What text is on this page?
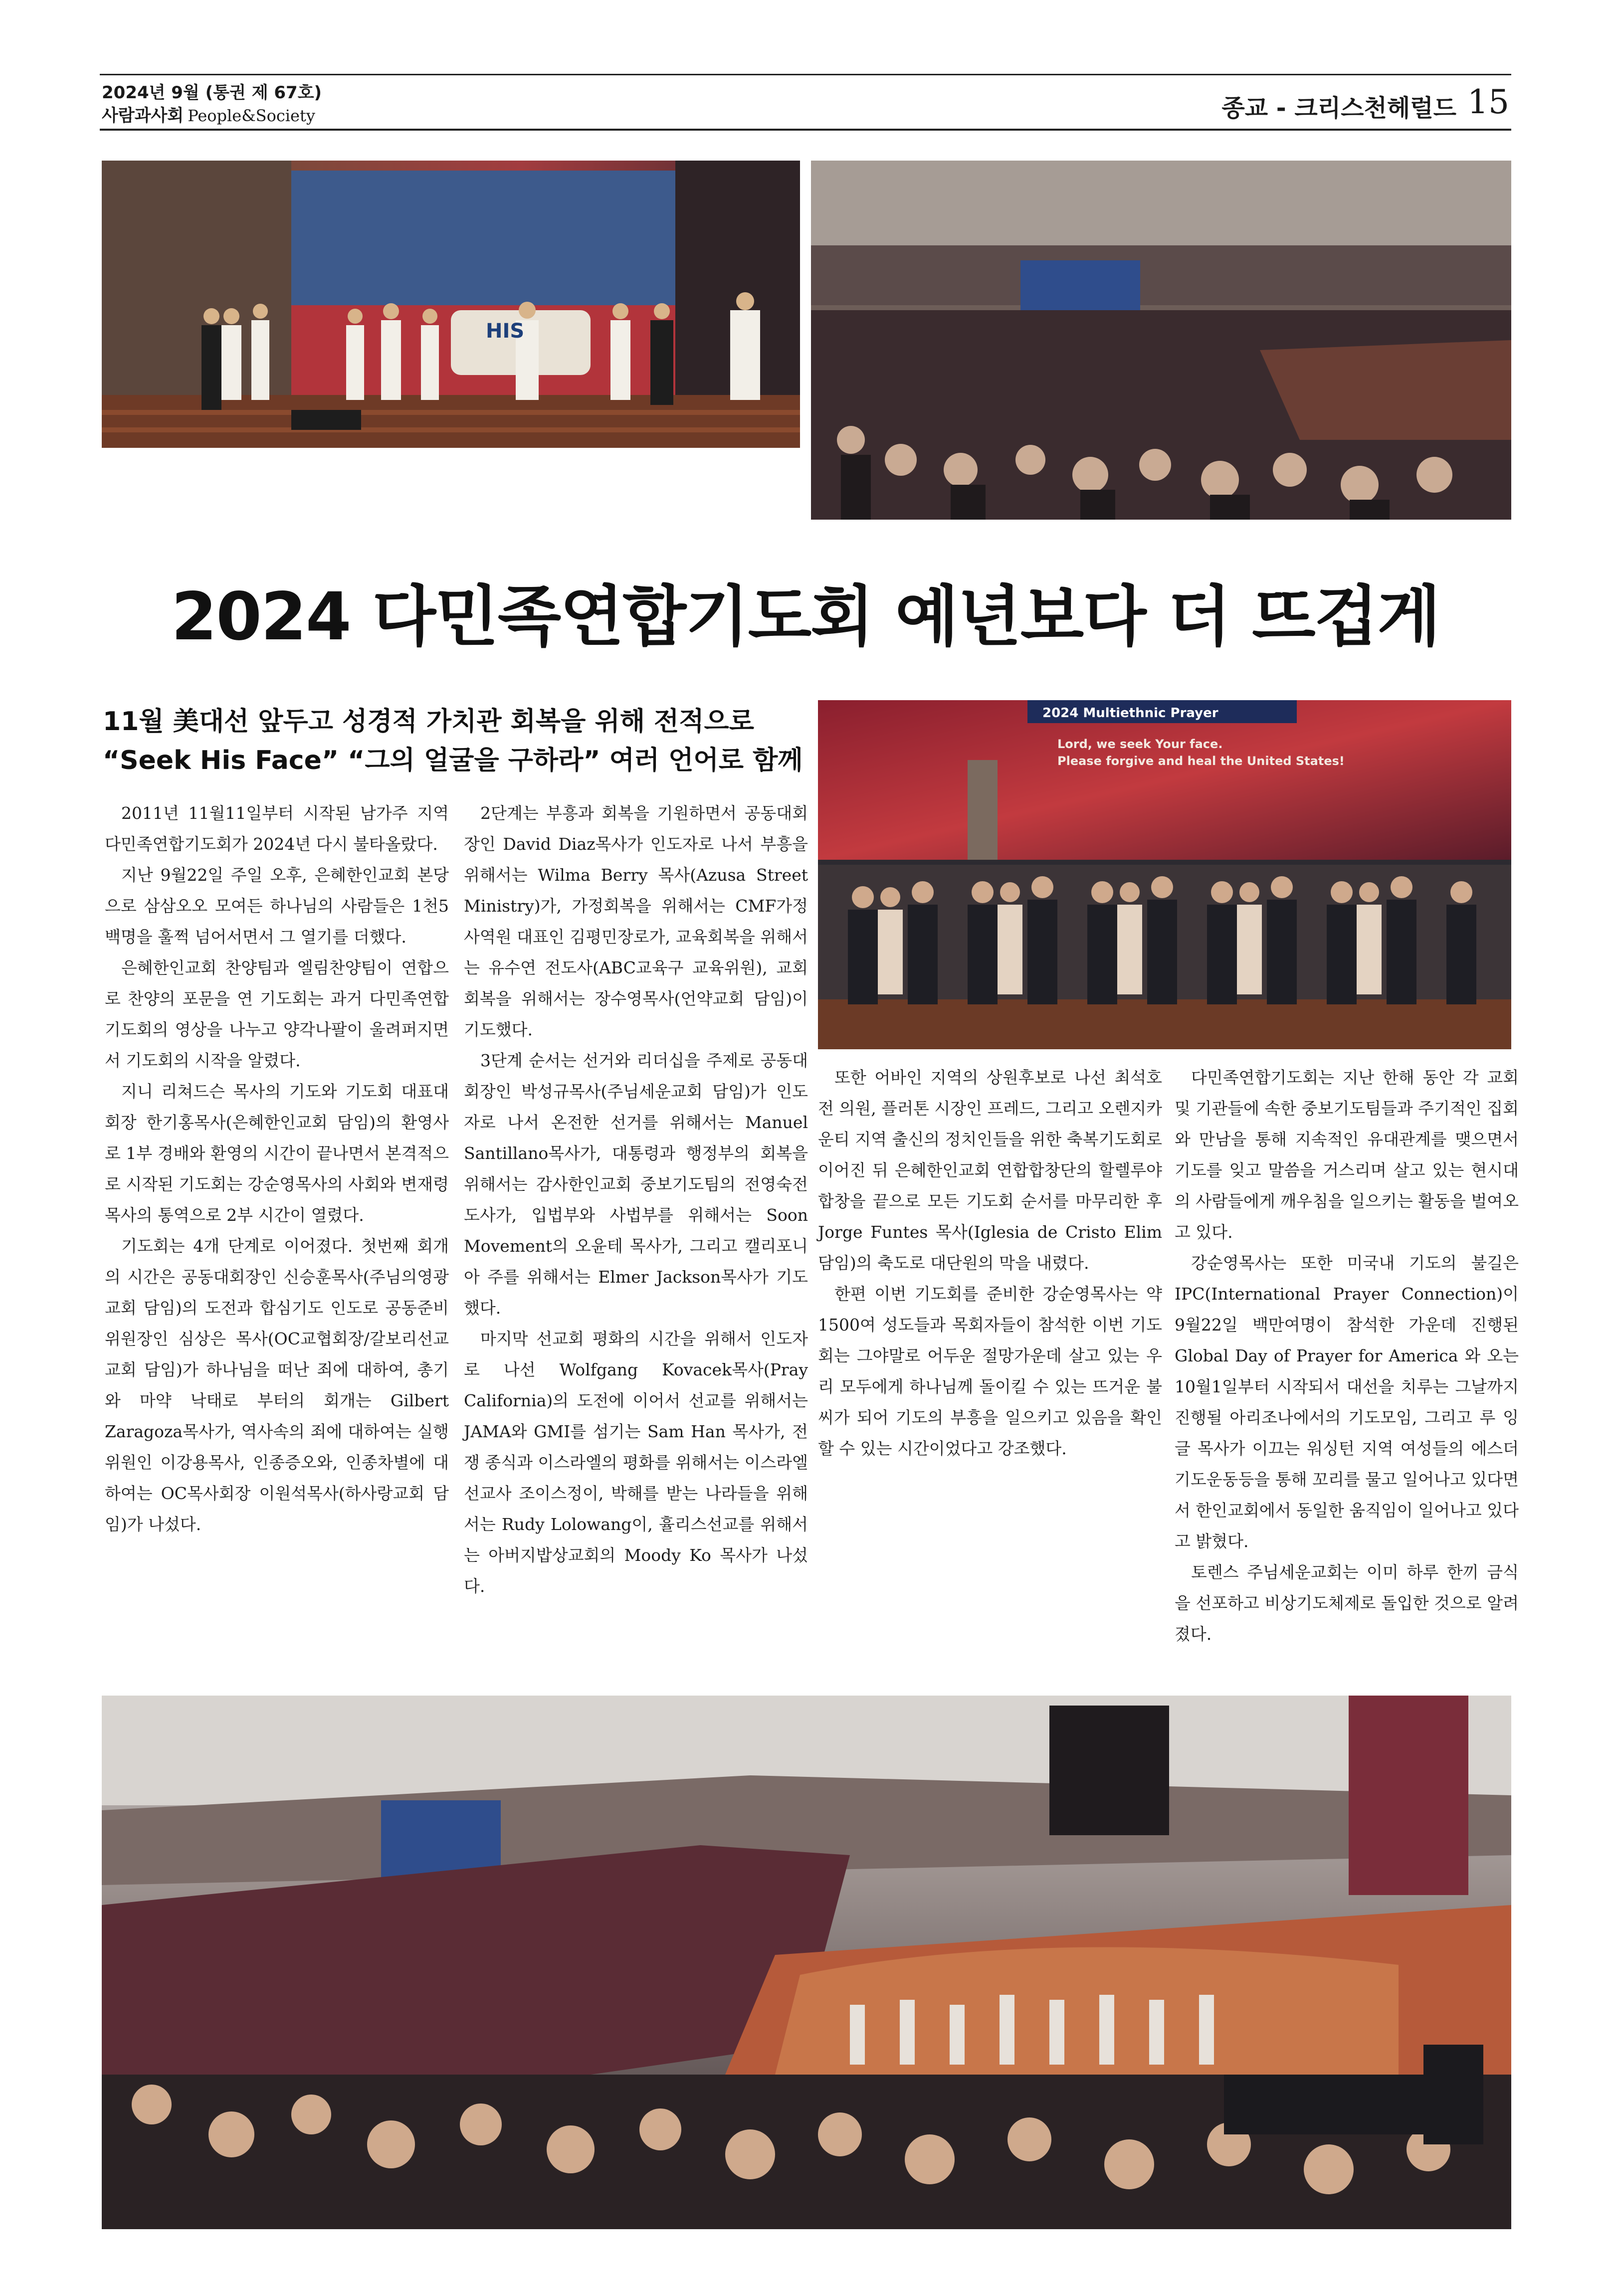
2024년 9월 (통권 제 67호)
사람과사회 People&Society	종교 - 크리스천헤럴드 15
HIS
2024 다민족연합기도회 예년보다 더 뜨겁게
11월 美대선 앞두고 성경적 가치관 회복을 위해 전적으로
“Seek His Face” “그의 얼굴을 구하라” 여러 언어로 함께
2024 Multiethnic Prayer
Lord, we seek Your face.
Please forgive and heal the United States!

2011년 11월11일부터 시작된 남가주 지역 다민족연합기도회가 2024년 다시 불타올랐다.

지난 9월22일 주일 오후, 은혜한인교회 본당으로 삼삼오오 모여든 하나님의 사람들은 1천5백명을 훌쩍 넘어서면서 그 열기를 더했다.

은혜한인교회 찬양팀과 엘림찬양팀이 연합으로 찬양의 포문을 연 기도회는 과거 다민족연합 기도회의 영상을 나누고 양각나팔이 울려퍼지면서 기도회의 시작을 알렸다.

지니 리쳐드슨 목사의 기도와 기도회 대표대회장 한기홍목사(은혜한인교회 담임)의 환영사로 1부 경배와 환영의 시간이 끝나면서 본격적으로 시작된 기도회는 강순영목사의 사회와 변재령목사의 통역으로 2부 시간이 열렸다.

기도회는 4개 단계로 이어졌다. 첫번째 회개의 시간은 공동대회장인 신승훈목사(주님의영광교회 담임)의 도전과 합심기도 인도로 공동준비위원장인 심상은 목사(OC교협회장/갈보리선교교회 담임)가 하나님을 떠난 죄에 대하여, 총기와 마약 낙태로 부터의 회개는 Gilbert Zaragoza목사가, 역사속의 죄에 대하여는 실행위원인 이강용목사, 인종증오와, 인종차별에 대하여는 OC목사회장 이원석목사(하사랑교회 담임)가 나섰다.

2단계는 부흥과 회복을 기원하면서 공동대회장인 David Diaz목사가 인도자로 나서 부흥을 위해서는 Wilma Berry 목사(Azusa Street Ministry)가, 가정회복을 위해서는 CMF가정사역원 대표인 김평민장로가, 교육회복을 위해서는 유수연 전도사(ABC교육구 교육위원), 교회회복을 위해서는 장수영목사(언약교회 담임)이 기도했다.

3단계 순서는 선거와 리더십을 주제로 공동대회장인 박성규목사(주님세운교회 담임)가 인도자로 나서 온전한 선거를 위해서는 Manuel Santillano목사가, 대통령과 행정부의 회복을 위해서는 감사한인교회 중보기도팀의 전영숙전도사가, 입법부와 사법부를 위해서는 Soon Movement의 오윤테 목사가, 그리고 캘리포니아 주를 위해서는 Elmer Jackson목사가 기도했다.

마지막 선교회 평화의 시간을 위해서 인도자로 나선 Wolfgang Kovacek목사(Pray California)의 도전에 이어서 선교를 위해서는 JAMA와 GMI를 섬기는 Sam Han 목사가, 전쟁 종식과 이스라엘의 평화를 위해서는 이스라엘 선교사 조이스정이, 박해를 받는 나라들을 위해서는 Rudy Lolowang이, 휼리스선교를 위해서는 아버지밥상교회의 Moody Ko 목사가 나섰다.

또한 어바인 지역의 상원후보로 나선 최석호 전 의원, 플러톤 시장인 프레드, 그리고 오렌지카운티 지역 출신의 정치인들을 위한 축복기도회로 이어진 뒤 은혜한인교회 연합합창단의 할렐루야 합창을 끝으로 모든 기도회 순서를 마무리한 후 Jorge Funtes 목사(Iglesia de Cristo Elim 담임)의 축도로 대단원의 막을 내렸다.

한편 이번 기도회를 준비한 강순영목사는 약 1500여 성도들과 목회자들이 참석한 이번 기도회는 그야말로 어두운 절망가운데 살고 있는 우리 모두에게 하나님께 돌이킬 수 있는 뜨거운 불씨가 되어 기도의 부흥을 일으키고 있음을 확인할 수 있는 시간이었다고 강조했다.

다민족연합기도회는 지난 한해 동안 각 교회 및 기관들에 속한 중보기도팀들과 주기적인 집회와 만남을 통해 지속적인 유대관계를 맺으면서 기도를 잊고 말씀을 거스리며 살고 있는 현시대의 사람들에게 깨우침을 일으키는 활동을 벌여오고 있다.

강순영목사는 또한 미국내 기도의 불길은 IPC(International Prayer Connection)이 9월22일 백만여명이 참석한 가운데 진행된 Global Day of Prayer for America 와 오는 10월1일부터 시작되서 대선을 치루는 그날까지 진행될 아리조나에서의 기도모임, 그리고 루 잉글 목사가 이끄는 워싱턴 지역 여성들의 에스더기도운동등을 통해 꼬리를 물고 일어나고 있다면서 한인교회에서 동일한 움직임이 일어나고 있다고 밝혔다.

토렌스 주님세운교회는 이미 하루 한끼 금식을 선포하고 비상기도체제로 돌입한 것으로 알려졌다.
